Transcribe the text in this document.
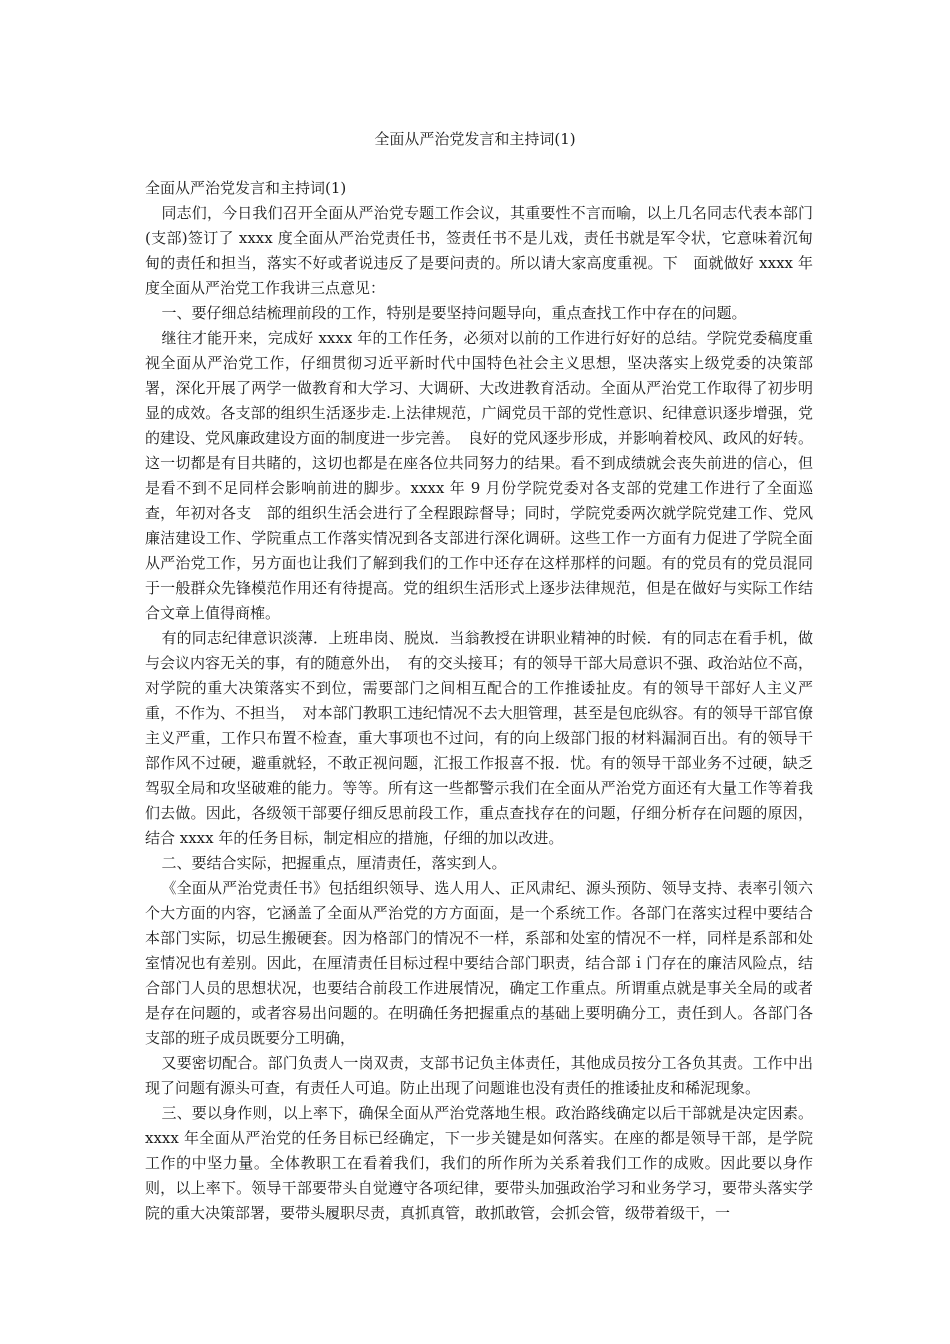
全面从严治党发言和主持词(1)

全面从严治党发言和主持词(1)

同志们，今日我们召开全面从严治党专题工作会议，其重要性不言而喻，以上几名同志代表本部门(支部)签订了 xxxx 度全面从严治党责任书，签责任书不是儿戏，责任书就是军令状，它意味着沉甸甸的责任和担当，落实不好或者说违反了是要问责的。所以请大家高度重视。下　面就做好 xxxx 年度全面从严治党工作我讲三点意见：

一、要仔细总结梳理前段的工作，特别是要坚持问题导向，重点查找工作中存在的问题。

继往才能开来，完成好 xxxx 年的工作任务，必须对以前的工作进行好好的总结。学院党委稿度重视全面从严治党工作，仔细贯彻习近平新时代中国特色社会主义思想，坚决落实上级党委的决策部署，深化开展了两学一做教育和大学习、大调研、大改进教育活动。全面从严治党工作取得了初步明显的成效。各支部的组织生活逐步走.上法律规范，广阔党员干部的党性意识、纪律意识逐步增强，党的建设、党风廉政建设方面的制度进一步完善。　良好的党风逐步形成，并影响着校风、政风的好转。这一切都是有目共睹的，这切也都是在座各位共同努力的结果。看不到成绩就会丧失前进的信心，但是看不到不足同样会影响前进的脚步。xxxx 年 9 月份学院党委对各支部的党建工作进行了全面巡查，年初对各支　部的组织生活会进行了全程跟踪督导；同时，学院党委两次就学院党建工作、党风廉洁建设工作、学院重点工作落实情况到各支部进行深化调研。这些工作一方面有力促进了学院全面从严治党工作，另方面也让我们了解到我们的工作中还存在这样那样的问题。有的党员有的党员混同于一般群众先锋模范作用还有待提高。党的组织生活形式上逐步法律规范，但是在做好与实际工作结合文章上值得商榷。

有的同志纪律意识淡薄．上班串岗、脱岚．当翁教授在讲职业精神的时候．有的同志在看手机，做与会议内容无关的事，有的随意外出，　有的交头接耳；有的领导干部大局意识不强、政治站位不高，对学院的重大决策落实不到位，需要部门之间相互配合的工作推诿扯皮。有的领导干部好人主义严重，不作为、不担当，　对本部门教职工违纪情况不去大胆管理，甚至是包庇纵容。有的领导干部官僚主义严重，工作只布置不检查，重大事项也不过问，有的向上级部门报的材料漏洞百出。有的领导干部作风不过硬，避重就轻，不敢正视问题，汇报工作报喜不报．忧。有的领导干部业务不过硬，缺乏驾驭全局和攻坚破难的能力。等等。所有这一些都警示我们在全面从严治党方面还有大量工作等着我们去做。因此，各级领干部要仔细反思前段工作，重点查找存在的问题，仔细分析存在问题的原因，结合 xxxx 年的任务目标，制定相应的措施，仔细的加以改进。

二、要结合实际，把握重点，厘清责任，落实到人。

《全面从严治党责任书》包括组织领导、选人用人、正风肃纪、源头预防、领导支持、表率引领六个大方面的内容，它涵盖了全面从严治党的方方面面，是一个系统工作。各部门在落实过程中要结合本部门实际，切忌生搬硬套。因为格部门的情况不一样，系部和处室的情况不一样，同样是系部和处室情况也有差别。因此，在厘清责任目标过程中要结合部门职责，结合部ｉ门存在的廉洁风险点，结合部门人员的思想状况，也要结合前段工作进展情况，确定工作重点。所谓重点就是事关全局的或者是存在问题的，或者容易出问题的。在明确任务把握重点的基础上要明确分工，责任到人。各部门各支部的班子成员既要分工明确，

又要密切配合。部门负责人一岗双责，支部书记负主体责任，其他成员按分工各负其责。工作中出现了问题有源头可查，有责任人可追。防止出现了问题谁也没有责任的推诿扯皮和稀泥现象。

三、要以身作则，以上率下，确保全面从严治党落地生根。政治路线确定以后干部就是决定因素。xxxx 年全面从严治党的任务目标已经确定，下一步关键是如何落实。在座的都是领导干部，是学院工作的中坚力量。全体教职工在看着我们，我们的所作所为关系着我们工作的成败。因此要以身作则，以上率下。领导干部要带头自觉遵守各项纪律，要带头加强政治学习和业务学习，要带头落实学院的重大决策部署，要带头履职尽责，真抓真管，敢抓敢管，会抓会管，级带着级干，一
